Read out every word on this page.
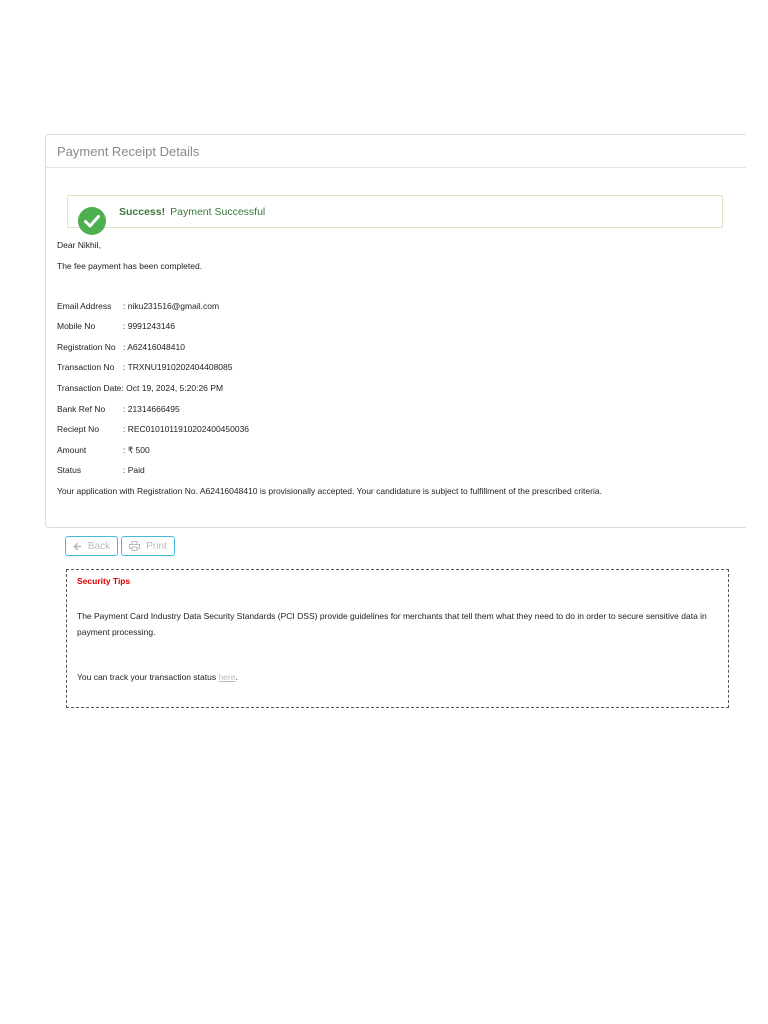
Payment Receipt Details
Success! Payment Successful
Dear Nikhil,
The fee payment has been completed.
Email Address : niku231516@gmail.com
Mobile No	: 9991243146
Registration No : A62416048410
Transaction No : TRXNU1910202404408085
Transaction Date: Oct 19, 2024, 5:20:26 PM
Bank Ref No : 21314666495
Reciept No	: REC0101011910202400450036
Amount	: ₹ 500
Status	: Paid
Your application with Registration No. A62416048410 is provisionally accepted. Your candidature is subject to fulfillment of the prescribed criteria.
Back	Print
Security Tips
The Payment Card Industry Data Security Standards (PCI DSS) provide guidelines for merchants that tell them what they need to do in order to secure sensitive data in payment processing.
You can track your transaction status here.
